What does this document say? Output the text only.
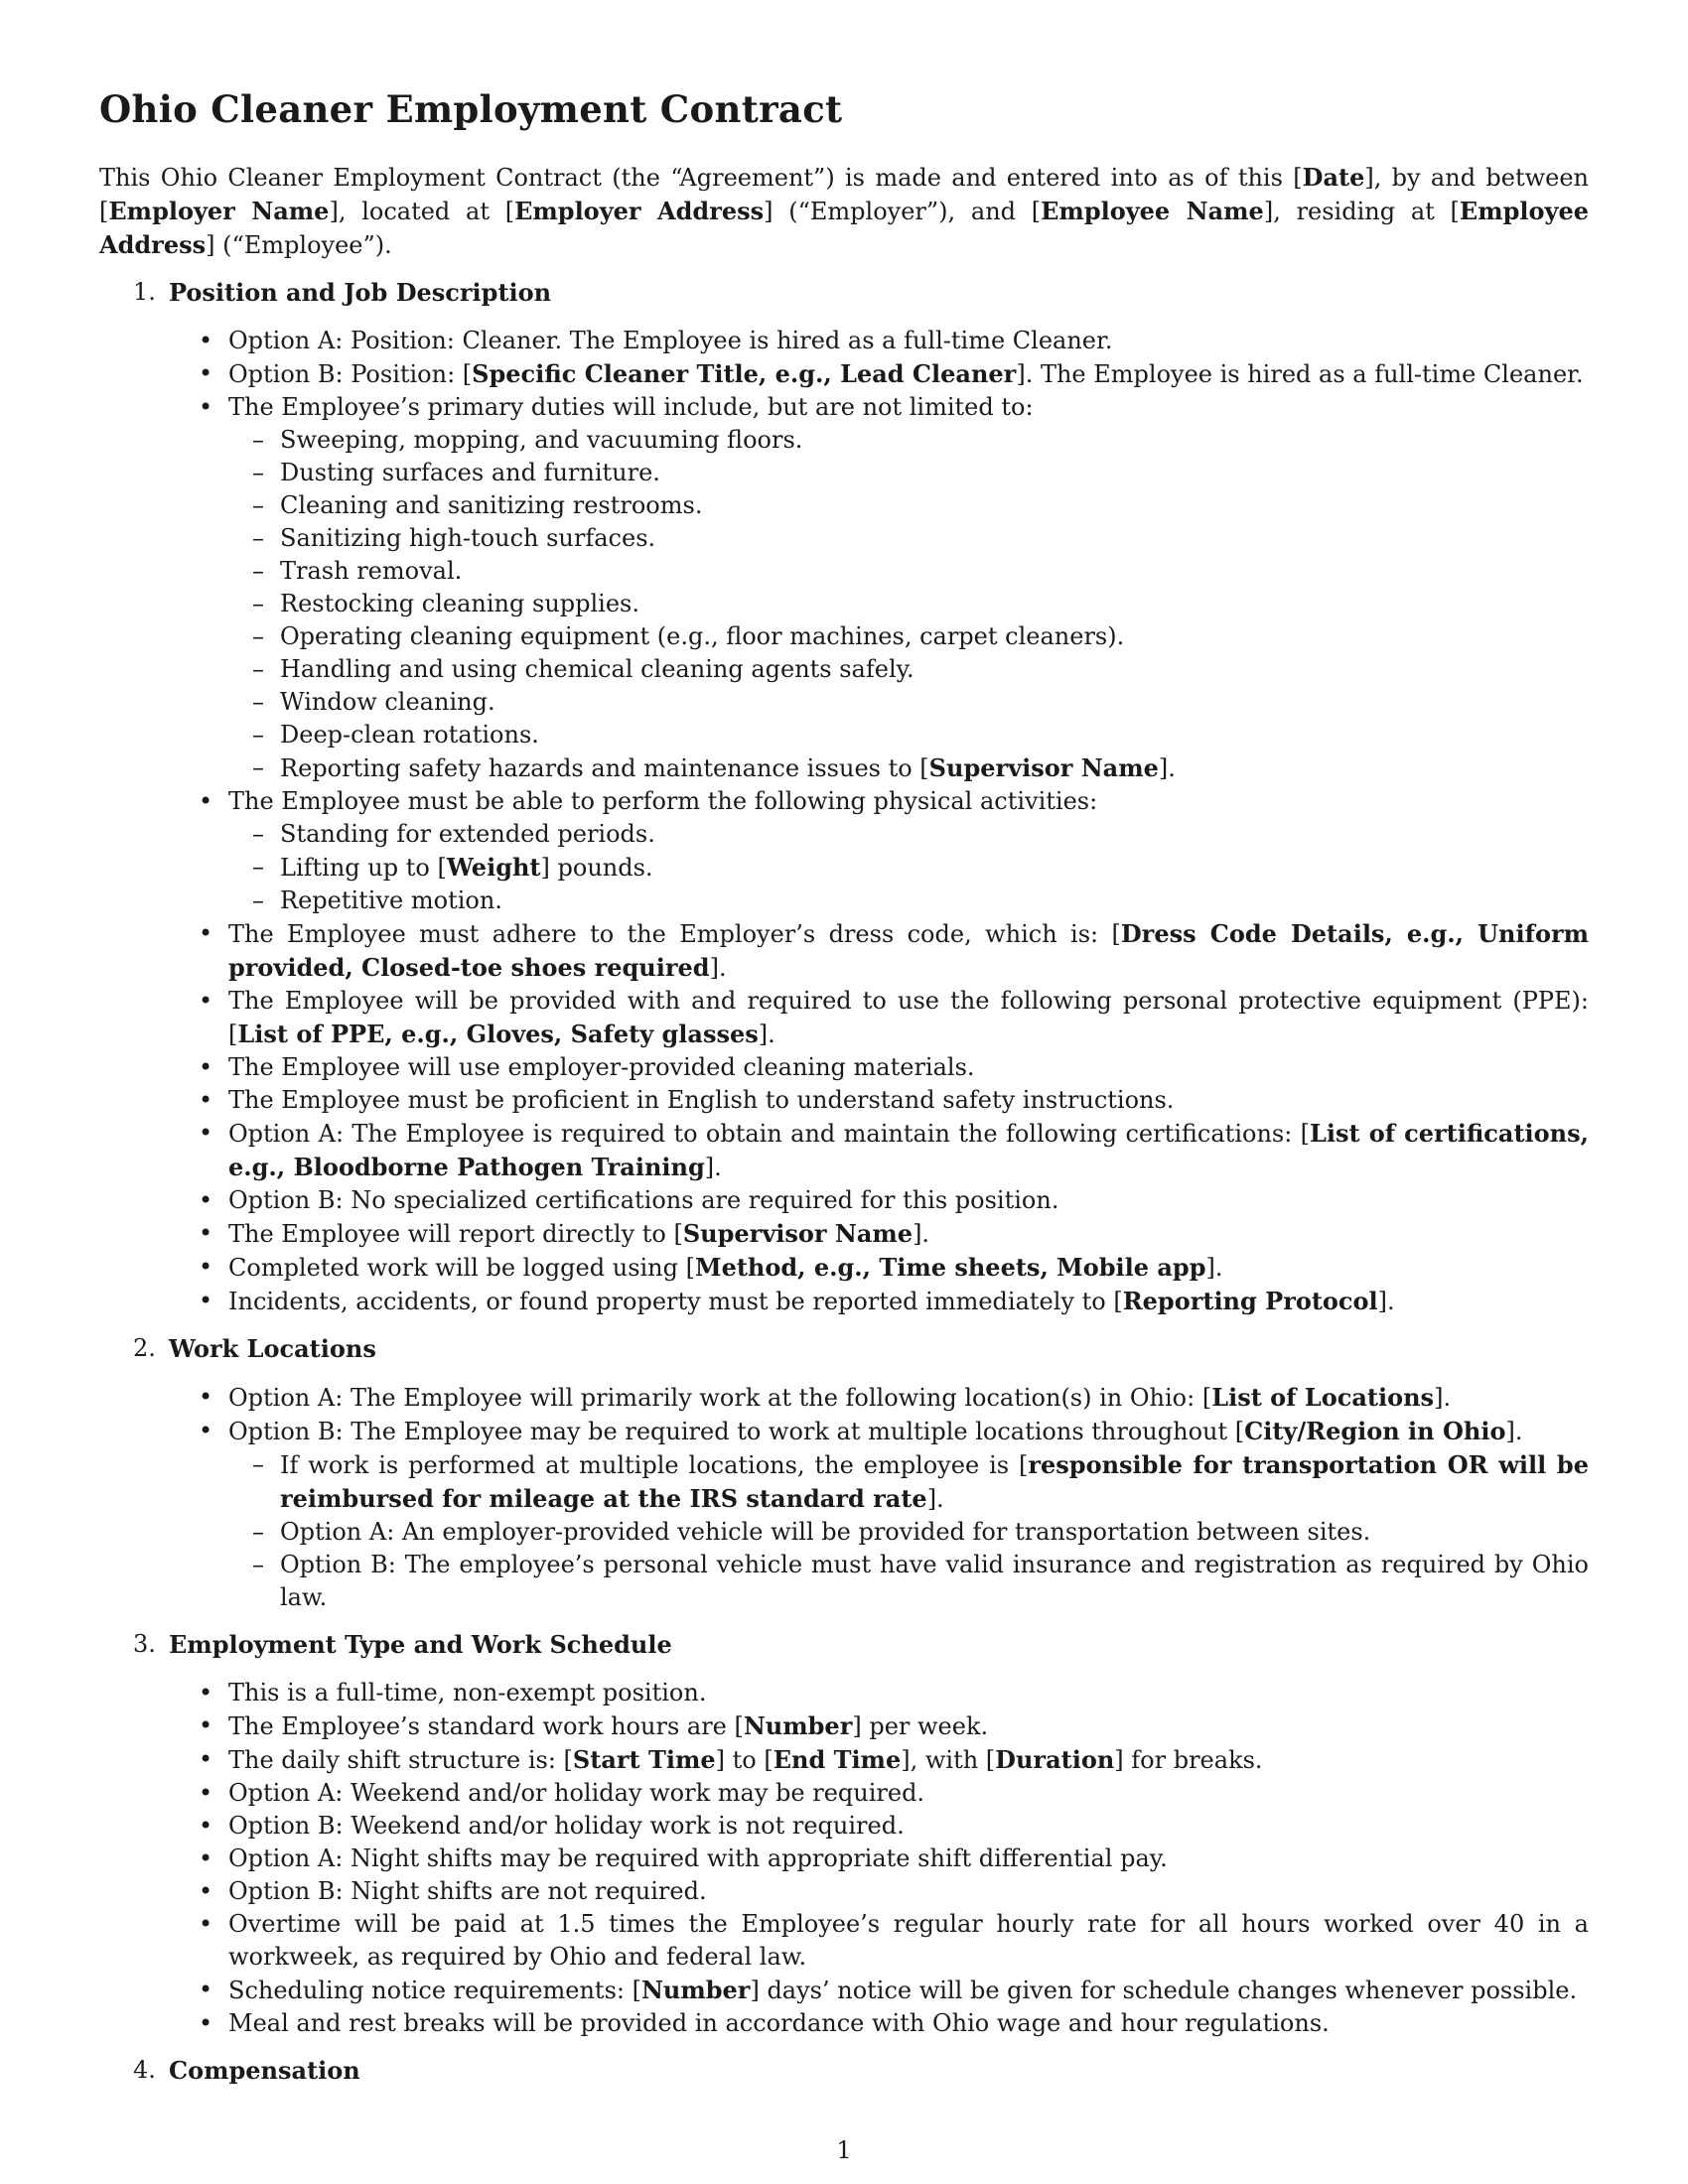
Ohio Cleaner Employment Contract

This Ohio Cleaner Employment Contract (the “Agreement”) is made and entered into as of this [Date], by and between [Employer Name], located at [Employer Address] (“Employer”), and [Employee Name], residing at [Employee Address] (“Employee”).

1. Position and Job Description
• Option A: Position: Cleaner. The Employee is hired as a full-time Cleaner.
• Option B: Position: [Specific Cleaner Title, e.g., Lead Cleaner]. The Employee is hired as a full-time Cleaner.
• The Employee’s primary duties will include, but are not limited to:
– Sweeping, mopping, and vacuuming floors.
– Dusting surfaces and furniture.
– Cleaning and sanitizing restrooms.
– Sanitizing high-touch surfaces.
– Trash removal.
– Restocking cleaning supplies.
– Operating cleaning equipment (e.g., floor machines, carpet cleaners).
– Handling and using chemical cleaning agents safely.
– Window cleaning.
– Deep-clean rotations.
– Reporting safety hazards and maintenance issues to [Supervisor Name].
• The Employee must be able to perform the following physical activities:
– Standing for extended periods.
– Lifting up to [Weight] pounds.
– Repetitive motion.
• The Employee must adhere to the Employer’s dress code, which is: [Dress Code Details, e.g., Uniform provided, Closed-toe shoes required].
• The Employee will be provided with and required to use the following personal protective equipment (PPE): [List of PPE, e.g., Gloves, Safety glasses].
• The Employee will use employer-provided cleaning materials.
• The Employee must be proficient in English to understand safety instructions.
• Option A: The Employee is required to obtain and maintain the following certifications: [List of certifications, e.g., Bloodborne Pathogen Training].
• Option B: No specialized certifications are required for this position.
• The Employee will report directly to [Supervisor Name].
• Completed work will be logged using [Method, e.g., Time sheets, Mobile app].
• Incidents, accidents, or found property must be reported immediately to [Reporting Protocol].
2. Work Locations
• Option A: The Employee will primarily work at the following location(s) in Ohio: [List of Locations].
• Option B: The Employee may be required to work at multiple locations throughout [City/Region in Ohio].
– If work is performed at multiple locations, the employee is [responsible for transportation OR will be reimbursed for mileage at the IRS standard rate].
– Option A: An employer-provided vehicle will be provided for transportation between sites.
– Option B: The employee’s personal vehicle must have valid insurance and registration as required by Ohio law.
3. Employment Type and Work Schedule
• This is a full-time, non-exempt position.
• The Employee’s standard work hours are [Number] per week.
• The daily shift structure is: [Start Time] to [End Time], with [Duration] for breaks.
• Option A: Weekend and/or holiday work may be required.
• Option B: Weekend and/or holiday work is not required.
• Option A: Night shifts may be required with appropriate shift differential pay.
• Option B: Night shifts are not required.
• Overtime will be paid at 1.5 times the Employee’s regular hourly rate for all hours worked over 40 in a workweek, as required by Ohio and federal law.
• Scheduling notice requirements: [Number] days’ notice will be given for schedule changes whenever possible.
• Meal and rest breaks will be provided in accordance with Ohio wage and hour regulations.
4. Compensation
1
